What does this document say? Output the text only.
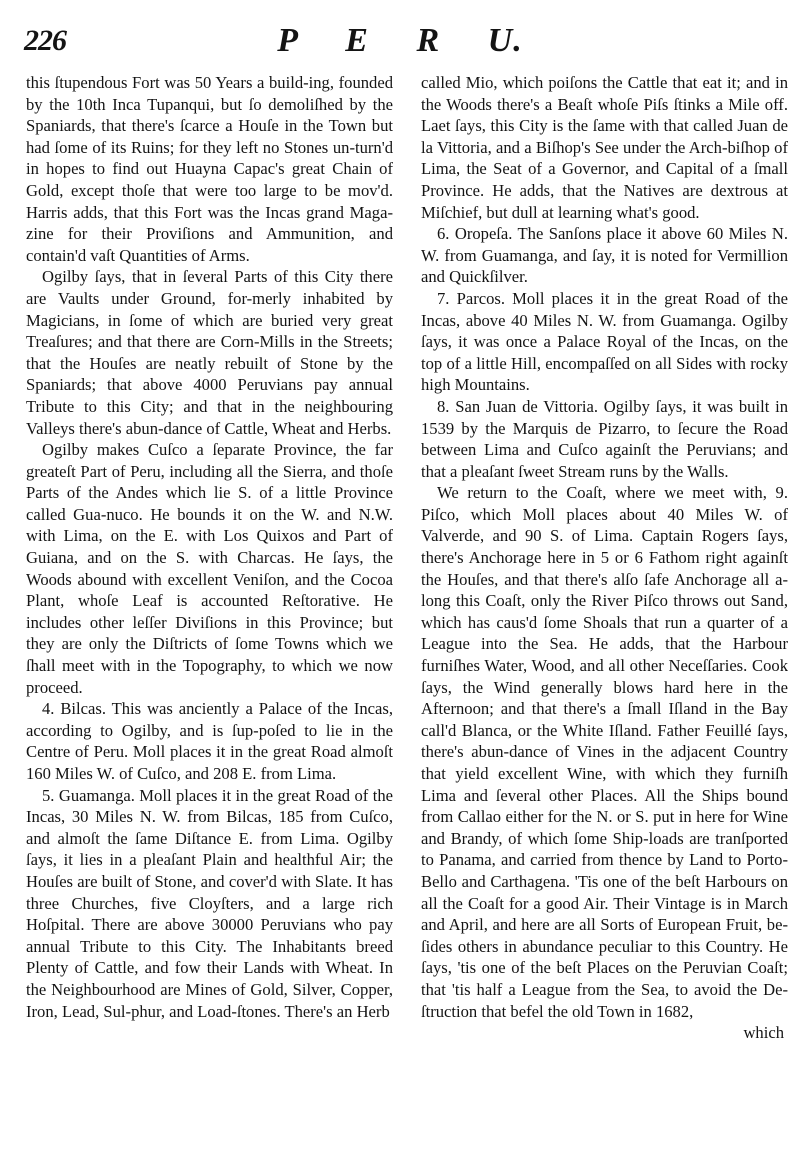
226	P E R U.

this ſtupendous Fort was 50 Years a build-ing, founded by the 10th Inca Tupanqui, but ſo demoliſhed by the Spaniards, that there's ſcarce a Houſe in the Town but had ſome of its Ruins; for they left no Stones un-turn'd in hopes to find out Huayna Capac's great Chain of Gold, except thoſe that were too large to be mov'd. Harris adds, that this Fort was the Incas grand Maga-zine for their Proviſions and Ammunition, and contain'd vaſt Quantities of Arms.

Ogilby ſays, that in ſeveral Parts of this City there are Vaults under Ground, for-merly inhabited by Magicians, in ſome of which are buried very great Treaſures; and that there are Corn-Mills in the Streets; that the Houſes are neatly rebuilt of Stone by the Spaniards; that above 4000 Peruvians pay annual Tribute to this City; and that in the neighbouring Valleys there's abun-dance of Cattle, Wheat and Herbs.

Ogilby makes Cuſco a ſeparate Province, the far greateſt Part of Peru, including all the Sierra, and thoſe Parts of the Andes which lie S. of a little Province called Gua-nuco. He bounds it on the W. and N.W. with Lima, on the E. with Los Quixos and Part of Guiana, and on the S. with Charcas. He ſays, the Woods abound with excellent Veniſon, and the Cocoa Plant, whoſe Leaf is accounted Reſtorative. He includes other leſſer Diviſions in this Province; but they are only the Diſtricts of ſome Towns which we ſhall meet with in the Topography, to which we now proceed.

4. Bilcas. This was anciently a Palace of the Incas, according to Ogilby, and is ſup-poſed to lie in the Centre of Peru. Moll places it in the great Road almoſt 160 Miles W. of Cuſco, and 208 E. from Lima.

5. Guamanga. Moll places it in the great Road of the Incas, 30 Miles N. W. from Bilcas, 185 from Cuſco, and almoſt the ſame Diſtance E. from Lima. Ogilby ſays, it lies in a pleaſant Plain and healthful Air; the Houſes are built of Stone, and cover'd with Slate. It has three Churches, five Cloyſters, and a large rich Hoſpital. There are above 30000 Peruvians who pay annual Tribute to this City. The Inhabitants breed Plenty of Cattle, and fow their Lands with Wheat. In the Neighbourhood are Mines of Gold, Silver, Copper, Iron, Lead, Sul-phur, and Load-ſtones. There's an Herb

called Mio, which poiſons the Cattle that eat it; and in the Woods there's a Beaſt whoſe Piſs ſtinks a Mile off. Laet ſays, this City is the ſame with that called Juan de la Vittoria, and a Biſhop's See under the Arch-biſhop of Lima, the Seat of a Governor, and Capital of a ſmall Province. He adds, that the Natives are dextrous at Miſchief, but dull at learning what's good.

6. Oropeſa. The Sanſons place it above 60 Miles N. W. from Guamanga, and ſay, it is noted for Vermillion and Quickſilver.

7. Parcos. Moll places it in the great Road of the Incas, above 40 Miles N. W. from Guamanga. Ogilby ſays, it was once a Palace Royal of the Incas, on the top of a little Hill, encompaſſed on all Sides with rocky high Mountains.

8. San Juan de Vittoria. Ogilby ſays, it was built in 1539 by the Marquis de Pizarro, to ſecure the Road between Lima and Cuſco againſt the Peruvians; and that a pleaſant ſweet Stream runs by the Walls.

We return to the Coaſt, where we meet with, 9. Piſco, which Moll places about 40 Miles W. of Valverde, and 90 S. of Lima. Captain Rogers ſays, there's Anchorage here in 5 or 6 Fathom right againſt the Houſes, and that there's alſo ſafe Anchorage all a-long this Coaſt, only the River Piſco throws out Sand, which has caus'd ſome Shoals that run a quarter of a League into the Sea. He adds, that the Harbour furniſhes Water, Wood, and all other Neceſſaries. Cook ſays, the Wind generally blows hard here in the Afternoon; and that there's a ſmall Iſland in the Bay call'd Blanca, or the White Iſland. Father Feuillé ſays, there's abun-dance of Vines in the adjacent Country that yield excellent Wine, with which they furniſh Lima and ſeveral other Places. All the Ships bound from Callao either for the N. or S. put in here for Wine and Brandy, of which ſome Ship-loads are tranſported to Panama, and carried from thence by Land to Porto-Bello and Carthagena. 'Tis one of the beſt Harbours on all the Coaſt for a good Air. Their Vintage is in March and April, and here are all Sorts of European Fruit, be-ſides others in abundance peculiar to this Country. He ſays, 'tis one of the beſt Places on the Peruvian Coaſt; that 'tis half a League from the Sea, to avoid the De-ſtruction that befel the old Town in 1682,

which
